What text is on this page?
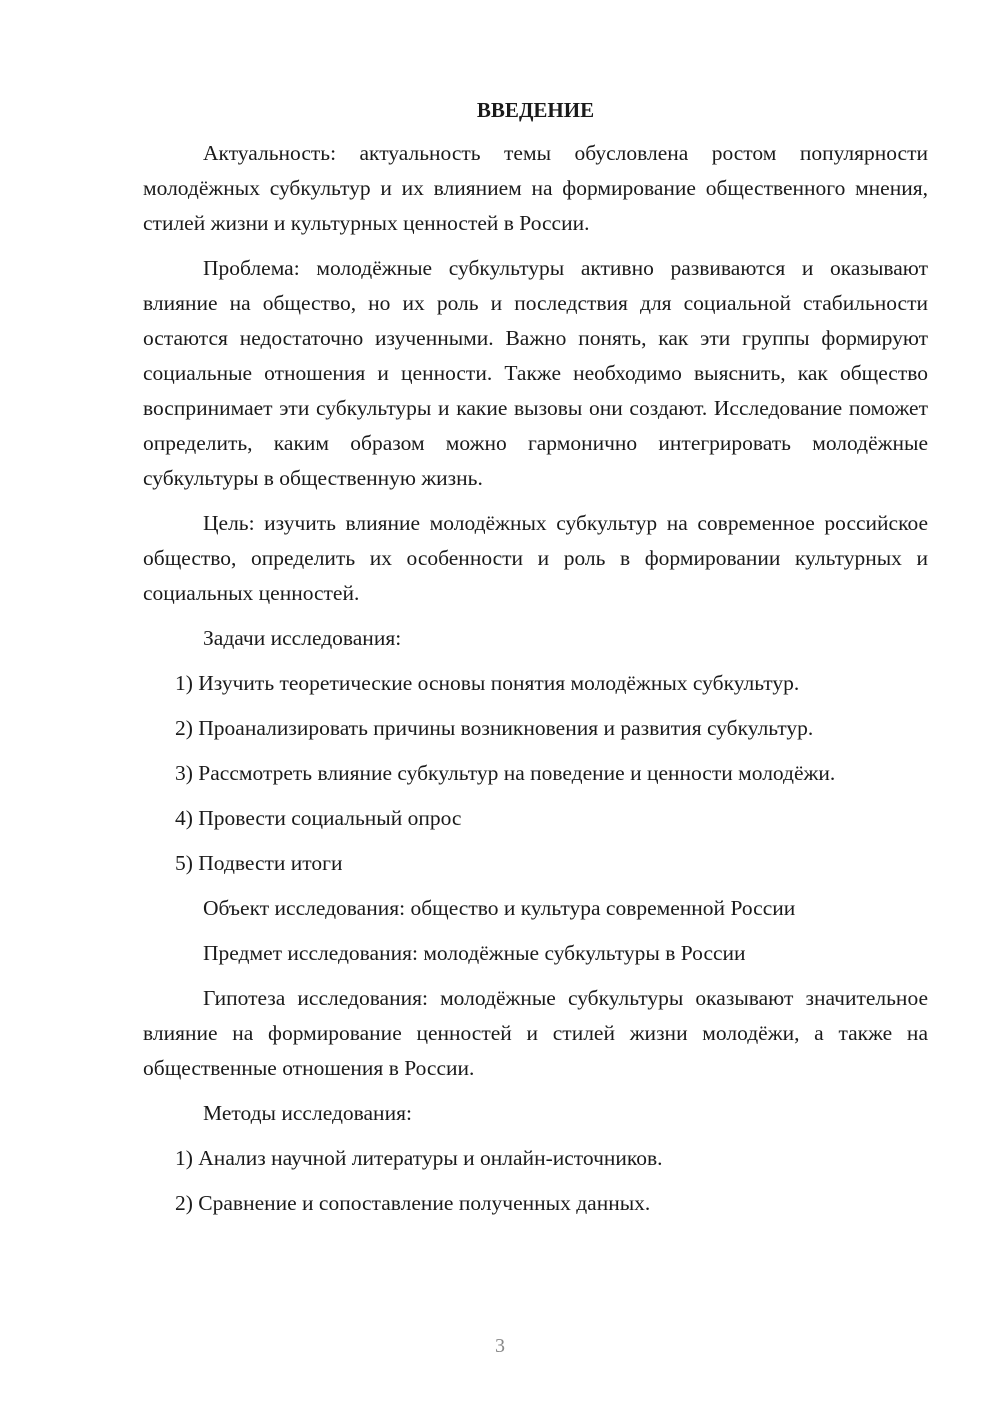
ВВЕДЕНИЕ

Актуальность: актуальность темы обусловлена ростом популярности молодёжных субкультур и их влиянием на формирование общественного мнения, стилей жизни и культурных ценностей в России.

Проблема: молодёжные субкультуры активно развиваются и оказывают влияние на общество, но их роль и последствия для социальной стабильности остаются недостаточно изученными. Важно понять, как эти группы формируют социальные отношения и ценности. Также необходимо выяснить, как общество воспринимает эти субкультуры и какие вызовы они создают. Исследование поможет определить, каким образом можно гармонично интегрировать молодёжные субкультуры в общественную жизнь.

Цель: изучить влияние молодёжных субкультур на современное российское общество, определить их особенности и роль в формировании культурных и социальных ценностей.

Задачи исследования:

1) Изучить теоретические основы понятия молодёжных субкультур.

2) Проанализировать причины возникновения и развития субкультур.

3) Рассмотреть влияние субкультур на поведение и ценности молодёжи.

4) Провести социальный опрос

5) Подвести итоги

Объект исследования: общество и культура современной России

Предмет исследования: молодёжные субкультуры в России

Гипотеза исследования: молодёжные субкультуры оказывают значительное влияние на формирование ценностей и стилей жизни молодёжи, а также на общественные отношения в России.

Методы исследования:

1) Анализ научной литературы и онлайн-источников.

2) Сравнение и сопоставление полученных данных.

3
